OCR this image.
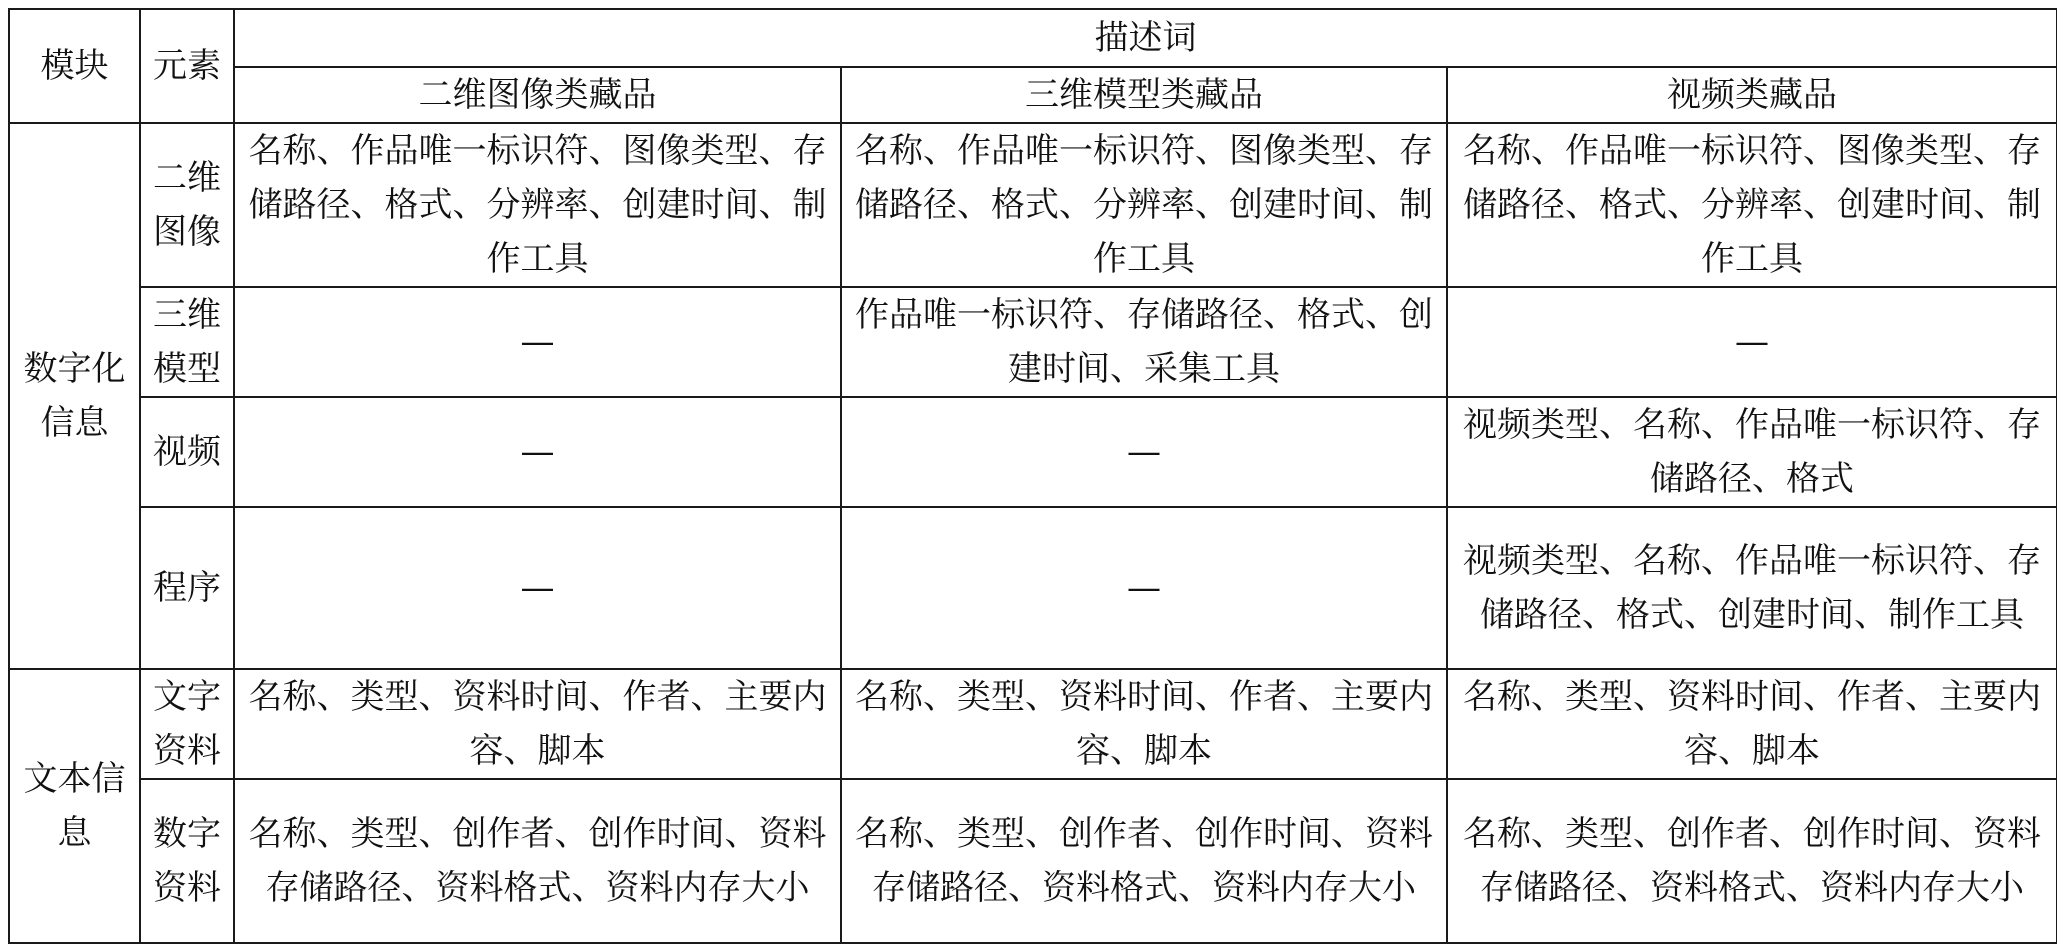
模块	元素	描述词		
		二维图像类藏品	三维模型类藏品	视频类藏品
数字化信息	二维图像	名称、作品唯一标识符、图像类型、存储路径、格式、分辨率、创建时间、制作工具	名称、作品唯一标识符、图像类型、存储路径、格式、分辨率、创建时间、制作工具	名称、作品唯一标识符、图像类型、存储路径、格式、分辨率、创建时间、制作工具
	三维模型	—	作品唯一标识符、存储路径、格式、创建时间、采集工具	—
	视频	—	—	视频类型、名称、作品唯一标识符、存储路径、格式
	程序	—	—	视频类型、名称、作品唯一标识符、存储路径、格式、创建时间、制作工具
文本信息	文字资料	名称、类型、资料时间、作者、主要内容、脚本	名称、类型、资料时间、作者、主要内容、脚本	名称、类型、资料时间、作者、主要内容、脚本
	数字资料	名称、类型、创作者、创作时间、资料存储路径、资料格式、资料内存大小	名称、类型、创作者、创作时间、资料存储路径、资料格式、资料内存大小	名称、类型、创作者、创作时间、资料存储路径、资料格式、资料内存大小
